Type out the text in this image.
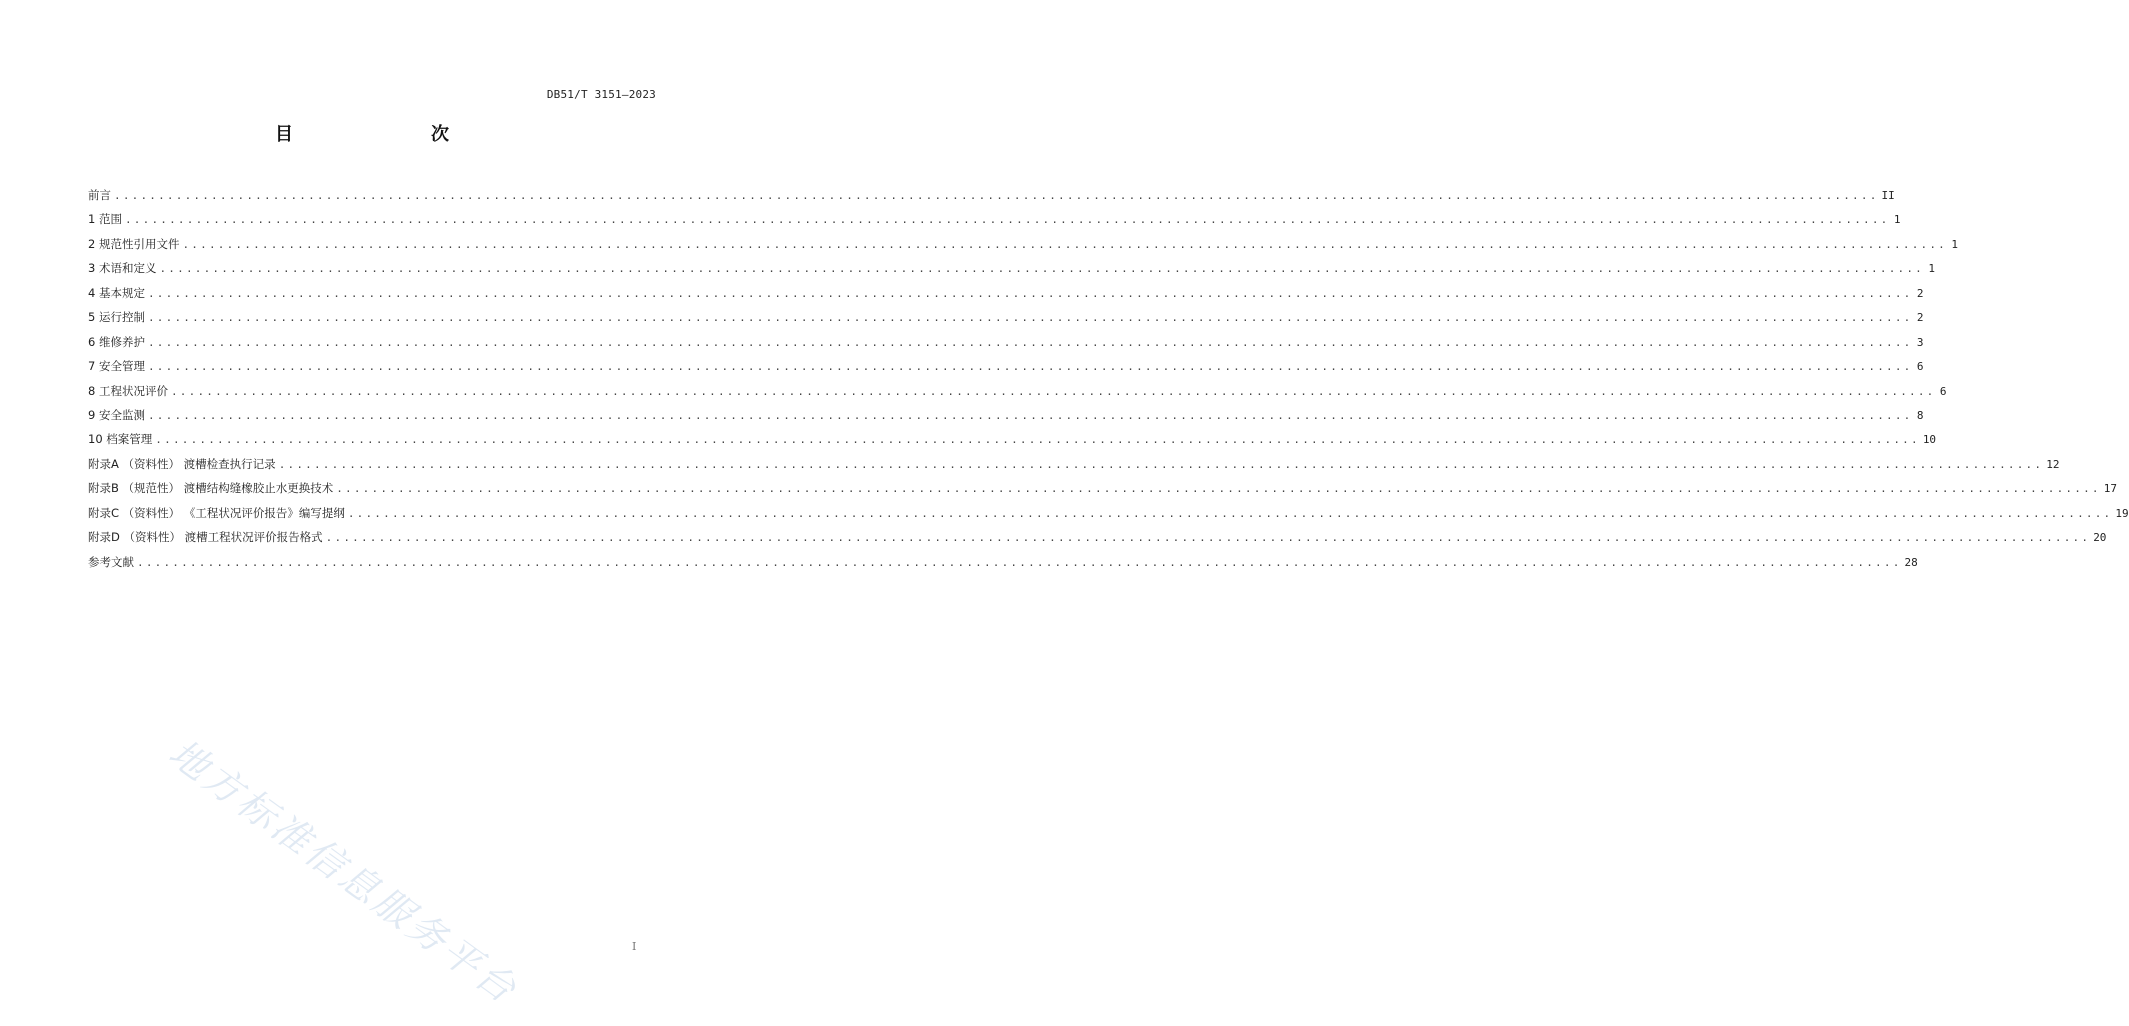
DB51/T 3151—2023
目　　次
前言 ........................................................................................................................................................................................................ II
1 范围 ........................................................................................................................................................................................................ 1
2 规范性引用文件 ........................................................................................................................................................................................................ 1
3 术语和定义 ........................................................................................................................................................................................................ 1
4 基本规定 ........................................................................................................................................................................................................ 2
5 运行控制 ........................................................................................................................................................................................................ 2
6 维修养护 ........................................................................................................................................................................................................ 3
7 安全管理 ........................................................................................................................................................................................................ 6
8 工程状况评价 ........................................................................................................................................................................................................ 6
9 安全监测 ........................................................................................................................................................................................................ 8
10 档案管理 ........................................................................................................................................................................................................ 10
附录A （资料性） 渡槽检查执行记录 ........................................................................................................................................................................................................ 12
附录B （规范性） 渡槽结构缝橡胶止水更换技术 ........................................................................................................................................................................................................ 17
附录C （资料性） 《工程状况评价报告》编写提纲 ........................................................................................................................................................................................................ 19
附录D （资料性） 渡槽工程状况评价报告格式 ........................................................................................................................................................................................................ 20
参考文献 ........................................................................................................................................................................................................ 28
地方标准信息服务平台	I
